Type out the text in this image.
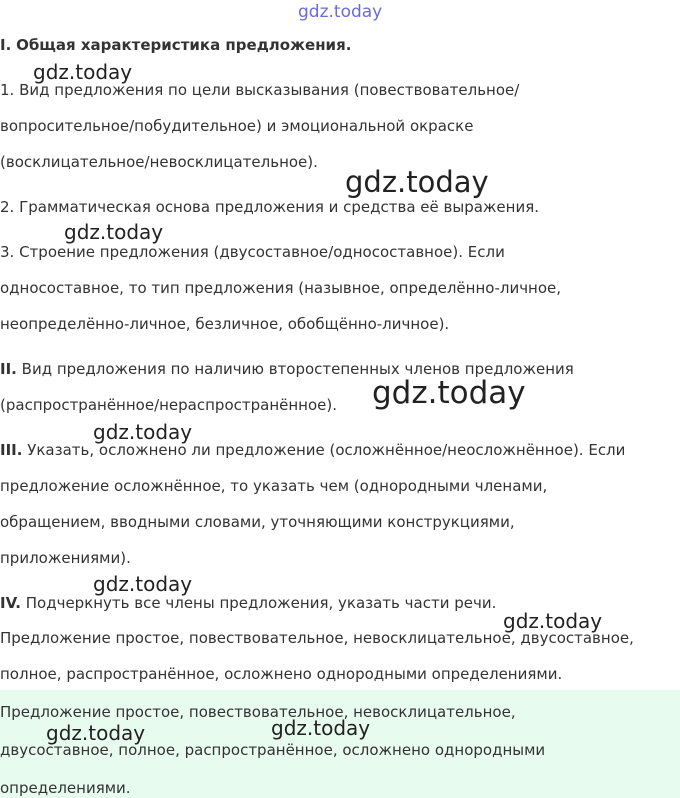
I. Общая характеристика предложения.
1. Вид предложения по цели высказывания (повествовательное/
вопросительное/побудительное) и эмоциональной окраске
(восклицательное/невосклицательное).
2. Грамматическая основа предложения и средства её выражения.
3. Строение предложения (двусоставное/односоставное). Если
односоставное, то тип предложения (назывное, определённо-личное,
неопределённо-личное, безличное, обобщённо-личное).
II. Вид предложения по наличию второстепенных членов предложения
(распространённое/нераспространённое).
III. Указать, осложнено ли предложение (осложнённое/неосложнённое). Если
предложение осложнённое, то указать чем (однородными членами,
обращением, вводными словами, уточняющими конструкциями,
приложениями).
IV. Подчеркнуть все члены предложения, указать части речи.
Предложение простое, повествовательное, невосклицательное, двусоставное,
полное, распространённое, осложнено однородными определениями.
Предложение простое, повествовательное, невосклицательное,
двусоставное, полное, распространённое, осложнено однородными
определениями.
gdz.today
gdz.today
gdz.today
gdz.today
gdz.today
gdz.today
gdz.today
gdz.today
gdz.today
gdz.today
